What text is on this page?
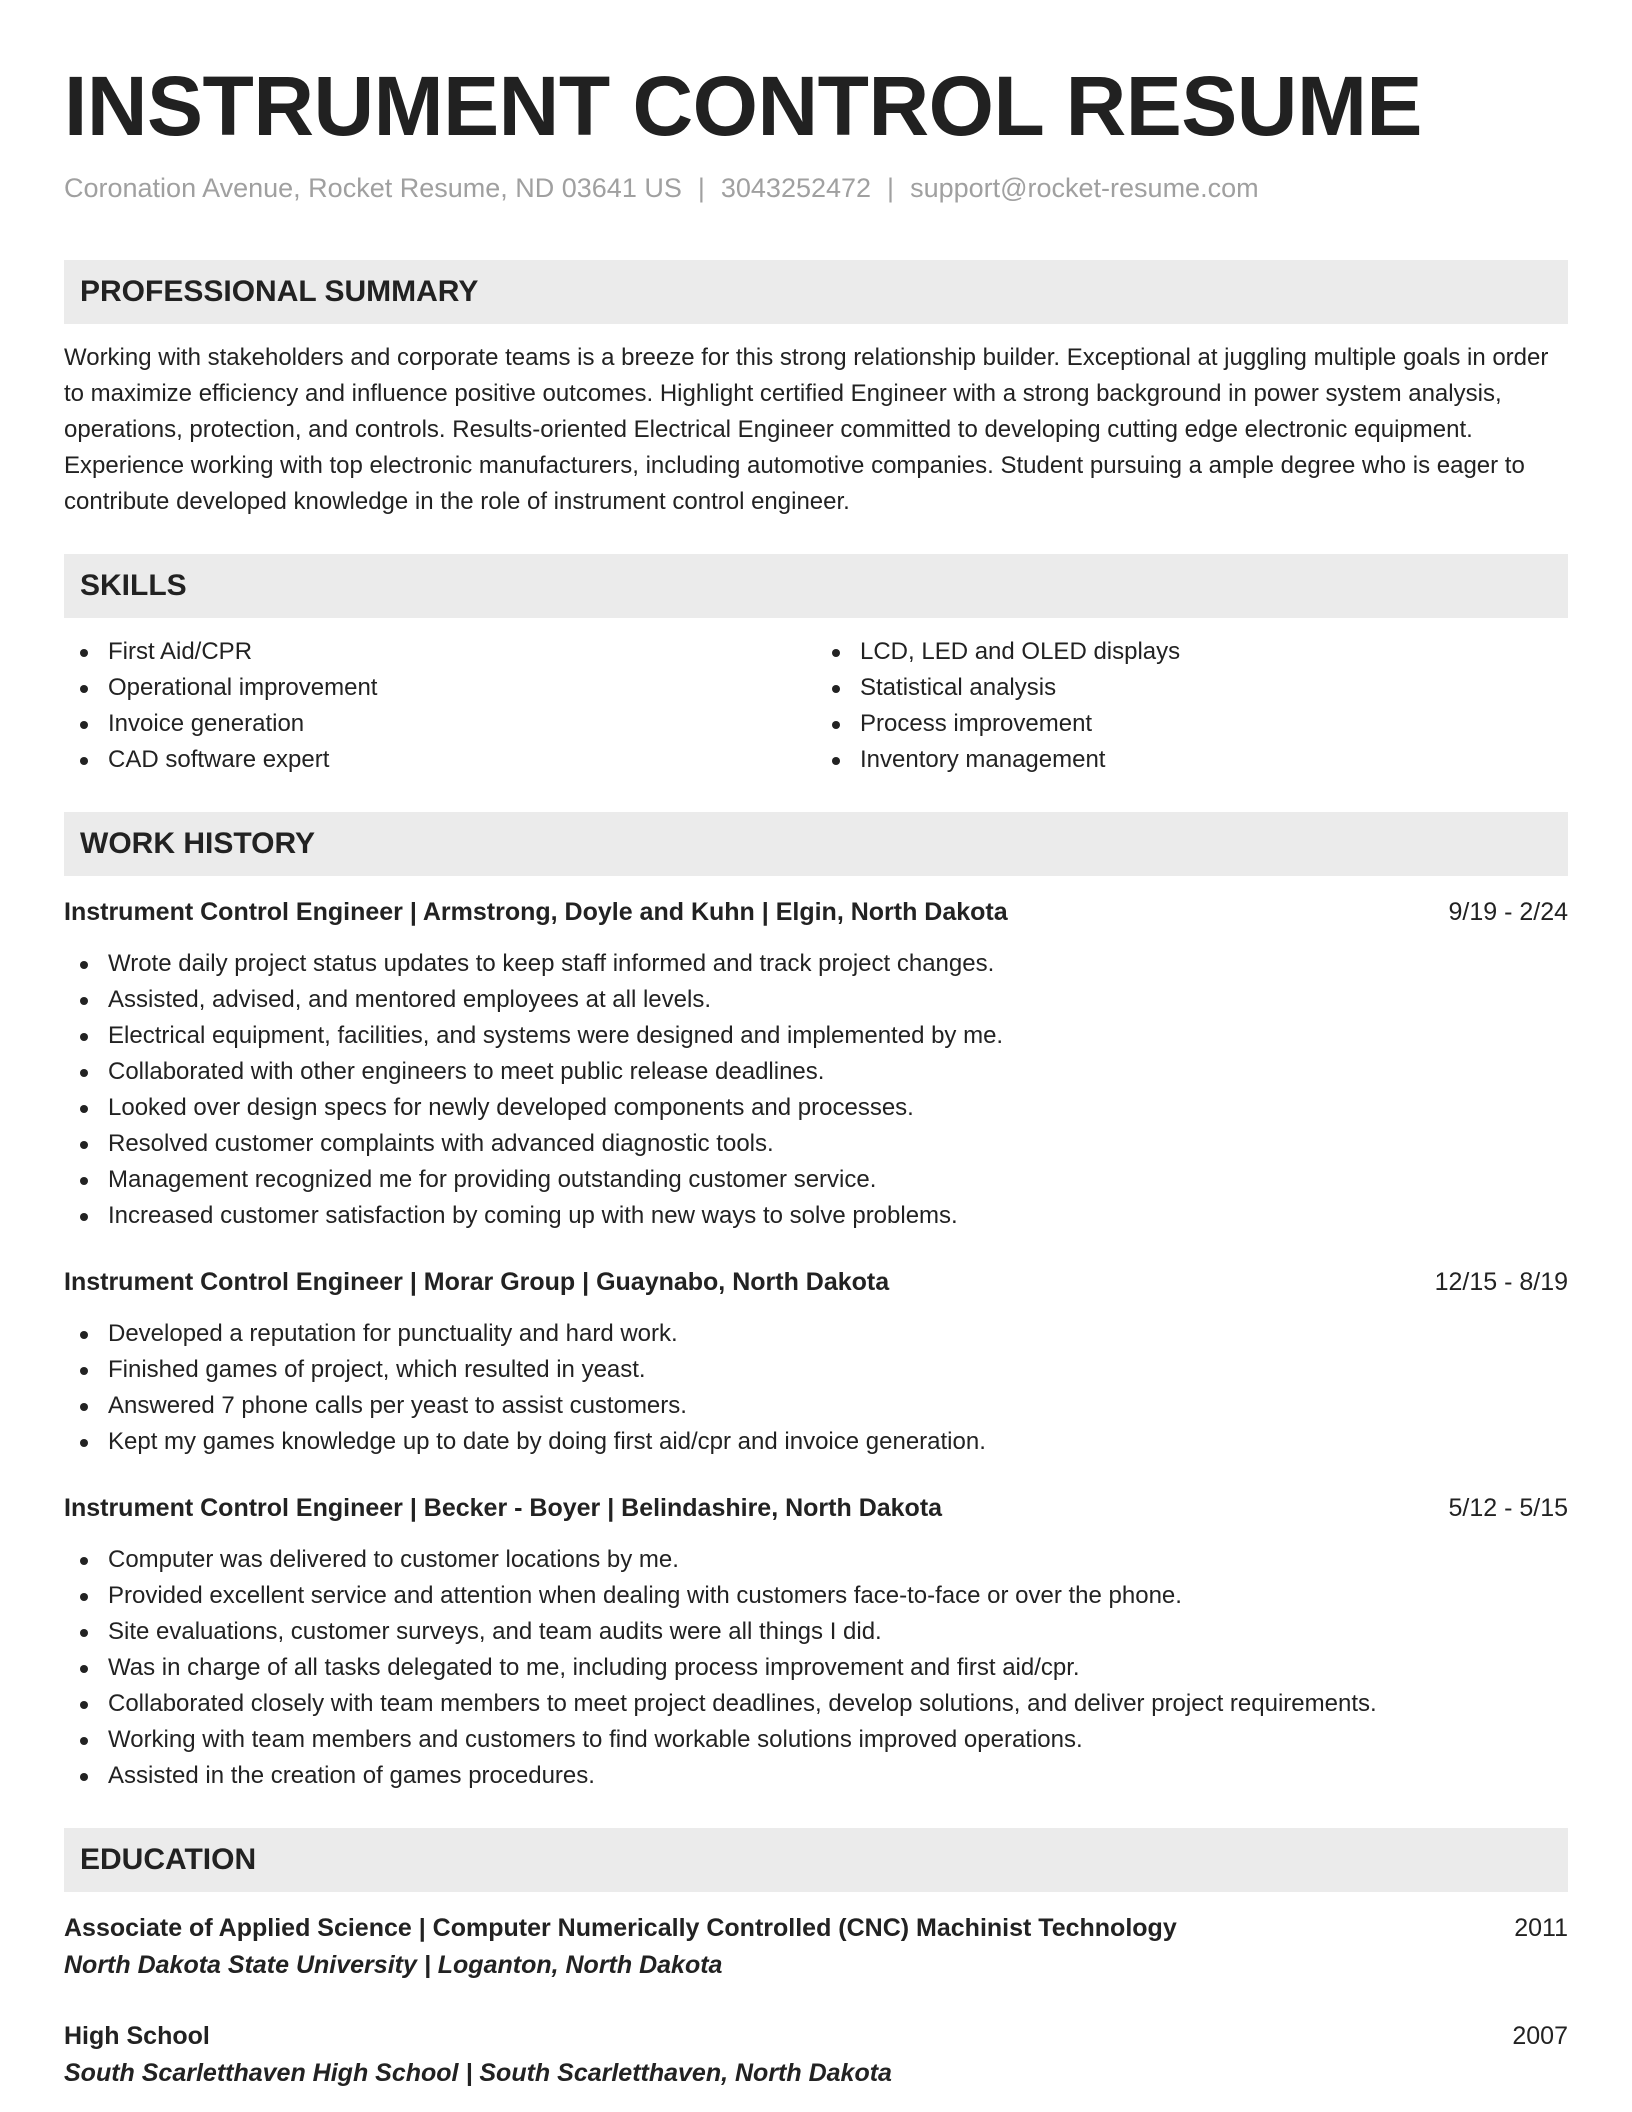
INSTRUMENT CONTROL RESUME
Coronation Avenue, Rocket Resume, ND 03641 US | 3043252472 | support@rocket-resume.com
PROFESSIONAL SUMMARY

Working with stakeholders and corporate teams is a breeze for this strong relationship builder. Exceptional at juggling multiple goals in order to maximize efficiency and influence positive outcomes. Highlight certified Engineer with a strong background in power system analysis, operations, protection, and controls. Results-oriented Electrical Engineer committed to developing cutting edge electronic equipment. Experience working with top electronic manufacturers, including automotive companies. Student pursuing a ample degree who is eager to contribute developed knowledge in the role of instrument control engineer.

SKILLS
First Aid/CPR
Operational improvement
Invoice generation
CAD software expert
LCD, LED and OLED displays
Statistical analysis
Process improvement
Inventory management
WORK HISTORY
Instrument Control Engineer | Armstrong, Doyle and Kuhn | Elgin, North Dakota	9/19 - 2/24
Wrote daily project status updates to keep staff informed and track project changes.
Assisted, advised, and mentored employees at all levels.
Electrical equipment, facilities, and systems were designed and implemented by me.
Collaborated with other engineers to meet public release deadlines.
Looked over design specs for newly developed components and processes.
Resolved customer complaints with advanced diagnostic tools.
Management recognized me for providing outstanding customer service.
Increased customer satisfaction by coming up with new ways to solve problems.
Instrument Control Engineer | Morar Group | Guaynabo, North Dakota	12/15 - 8/19
Developed a reputation for punctuality and hard work.
Finished games of project, which resulted in yeast.
Answered 7 phone calls per yeast to assist customers.
Kept my games knowledge up to date by doing first aid/cpr and invoice generation.
Instrument Control Engineer | Becker - Boyer | Belindashire, North Dakota	5/12 - 5/15
Computer was delivered to customer locations by me.
Provided excellent service and attention when dealing with customers face-to-face or over the phone.
Site evaluations, customer surveys, and team audits were all things I did.
Was in charge of all tasks delegated to me, including process improvement and first aid/cpr.
Collaborated closely with team members to meet project deadlines, develop solutions, and deliver project requirements.
Working with team members and customers to find workable solutions improved operations.
Assisted in the creation of games procedures.
EDUCATION
Associate of Applied Science | Computer Numerically Controlled (CNC) Machinist Technology	2011
North Dakota State University | Loganton, North Dakota
High School	2007
South Scarletthaven High School | South Scarletthaven, North Dakota
